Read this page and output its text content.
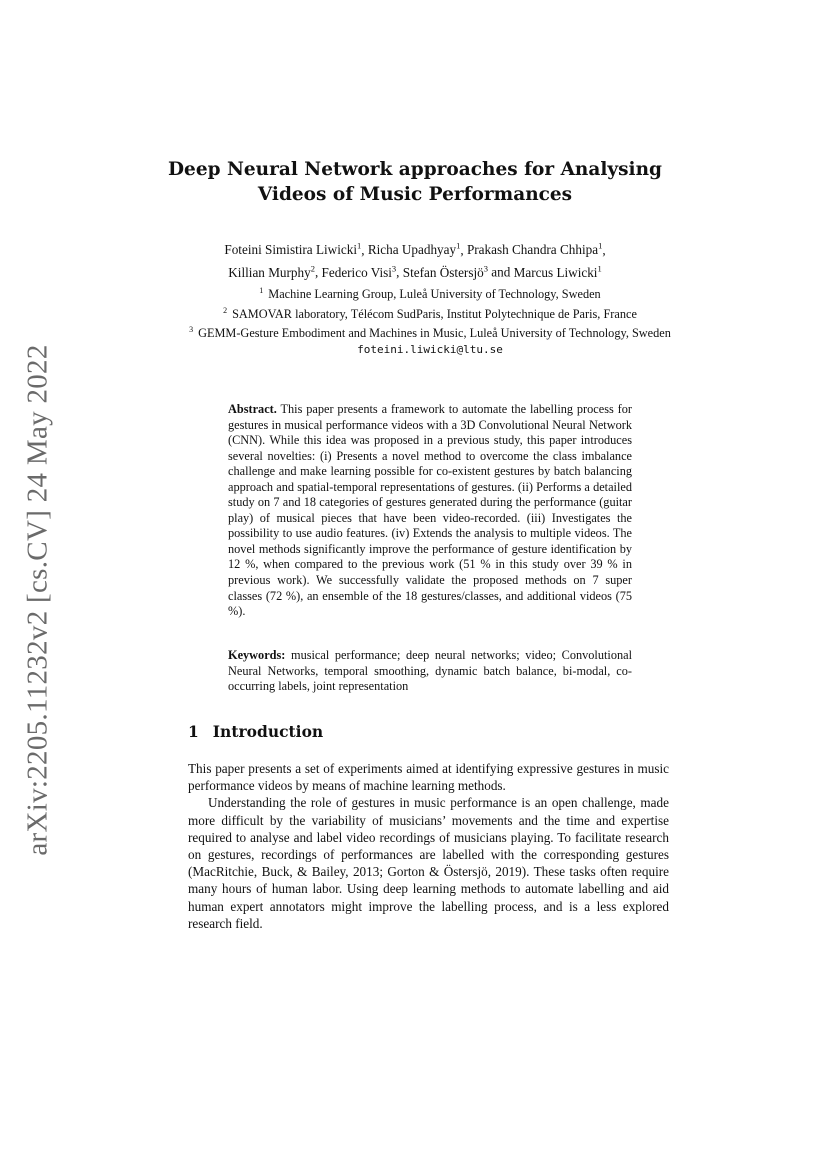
arXiv:2205.11232v2 [cs.CV] 24 May 2022
Deep Neural Network approaches for Analysing Videos of Music Performances
Foteini Simistira Liwicki$^1$, Richa Upadhyay$^1$, Prakash Chandra Chhipa$^1$,
Killian Murphy$^2$, Federico Visi$^3$, Stefan Östersjö$^3$ and Marcus Liwicki$^1$
$^1$ Machine Learning Group, Luleå University of Technology, Sweden
$^2$ SAMOVAR laboratory, Télécom SudParis, Institut Polytechnique de Paris, France
$^3$ GEMM-Gesture Embodiment and Machines in Music, Luleå University of Technology, Sweden
foteini.liwicki@ltu.se
Abstract. This paper presents a framework to automate the labelling process for gestures in musical performance videos with a 3D Convolutional Neural Network (CNN). While this idea was proposed in a previous study, this paper introduces several novelties: (i) Presents a novel method to overcome the class imbalance challenge and make learning possible for co-existent gestures by batch balancing approach and spatial-temporal representations of gestures. (ii) Performs a detailed study on 7 and 18 categories of gestures generated during the performance (guitar play) of musical pieces that have been video-recorded. (iii) Investigates the possibility to use audio features. (iv) Extends the analysis to multiple videos. The novel methods significantly improve the performance of gesture identification by 12 %, when compared to the previous work (51 % in this study over 39 % in previous work). We successfully validate the proposed methods on 7 super classes (72 %), an ensemble of the 18 gestures/classes, and additional videos (75 %).
Keywords: musical performance; deep neural networks; video; Convolutional Neural Networks, temporal smoothing, dynamic batch balance, bi-modal, co-occurring labels, joint representation
1 Introduction

This paper presents a set of experiments aimed at identifying expressive gestures in music performance videos by means of machine learning methods.

Understanding the role of gestures in music performance is an open challenge, made more difficult by the variability of musicians’ movements and the time and expertise required to analyse and label video recordings of musicians playing. To facilitate research on gestures, recordings of performances are labelled with the corresponding gestures (MacRitchie, Buck, & Bailey, 2013; Gorton & Östersjö, 2019). These tasks often require many hours of human labor. Using deep learning methods to automate labelling and aid human expert annotators might improve the labelling process, and is a less explored research field.
